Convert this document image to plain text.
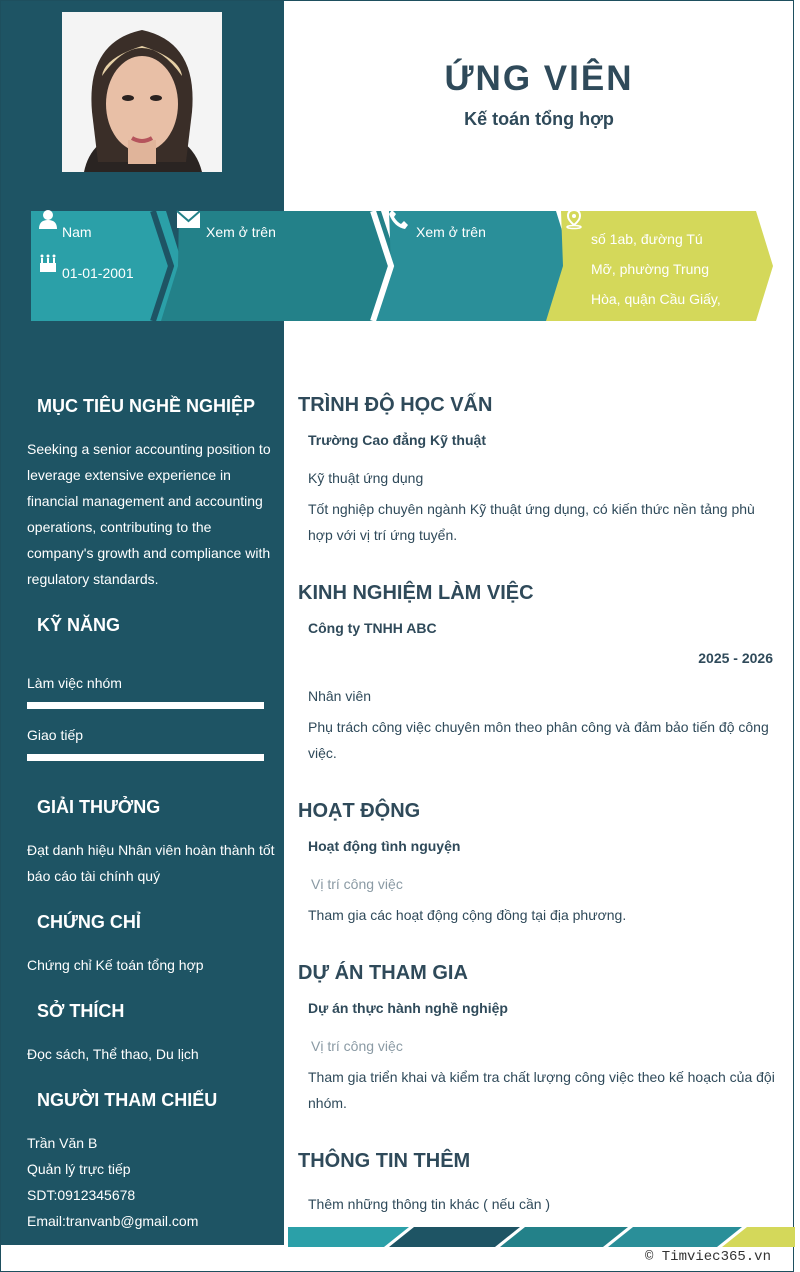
ỨNG VIÊN
Kế toán tổng hợp
Nam
01-01-2001
Xem ở trên	Xem ở trên	số 1ab, đường Tú
Mỡ, phường Trung
Hòa, quận Cầu Giấy,
Hà Nội
MỤC TIÊU NGHỀ NGHIỆP
Seeking a senior accounting position to
leverage extensive experience in
financial management and accounting
operations, contributing to the
company's growth and compliance with
regulatory standards.
KỸ NĂNG
Làm việc nhóm
Giao tiếp
GIẢI THƯỞNG
Đạt danh hiệu Nhân viên hoàn thành tốt
báo cáo tài chính quý
CHỨNG CHỈ
Chứng chỉ Kế toán tổng hợp
SỞ THÍCH
Đọc sách, Thể thao, Du lịch
NGƯỜI THAM CHIẾU
Trần Văn B
Quản lý trực tiếp
SDT:0912345678
Email:tranvanb@gmail.com
TRÌNH ĐỘ HỌC VẤN
Trường Cao đẳng Kỹ thuật
Kỹ thuật ứng dụng
Tốt nghiệp chuyên ngành Kỹ thuật ứng dụng, có kiến thức nền tảng phù
hợp với vị trí ứng tuyển.
KINH NGHIỆM LÀM VIỆC
Công ty TNHH ABC
2025 - 2026
Nhân viên
Phụ trách công việc chuyên môn theo phân công và đảm bảo tiến độ công
việc.
HOẠT ĐỘNG
Hoạt động tình nguyện
Vị trí công việc
Tham gia các hoạt động cộng đồng tại địa phương.
DỰ ÁN THAM GIA
Dự án thực hành nghề nghiệp
Vị trí công việc
Tham gia triển khai và kiểm tra chất lượng công việc theo kế hoạch của đội
nhóm.
THÔNG TIN THÊM
Thêm những thông tin khác ( nếu cần )
© Timviec365.vn
